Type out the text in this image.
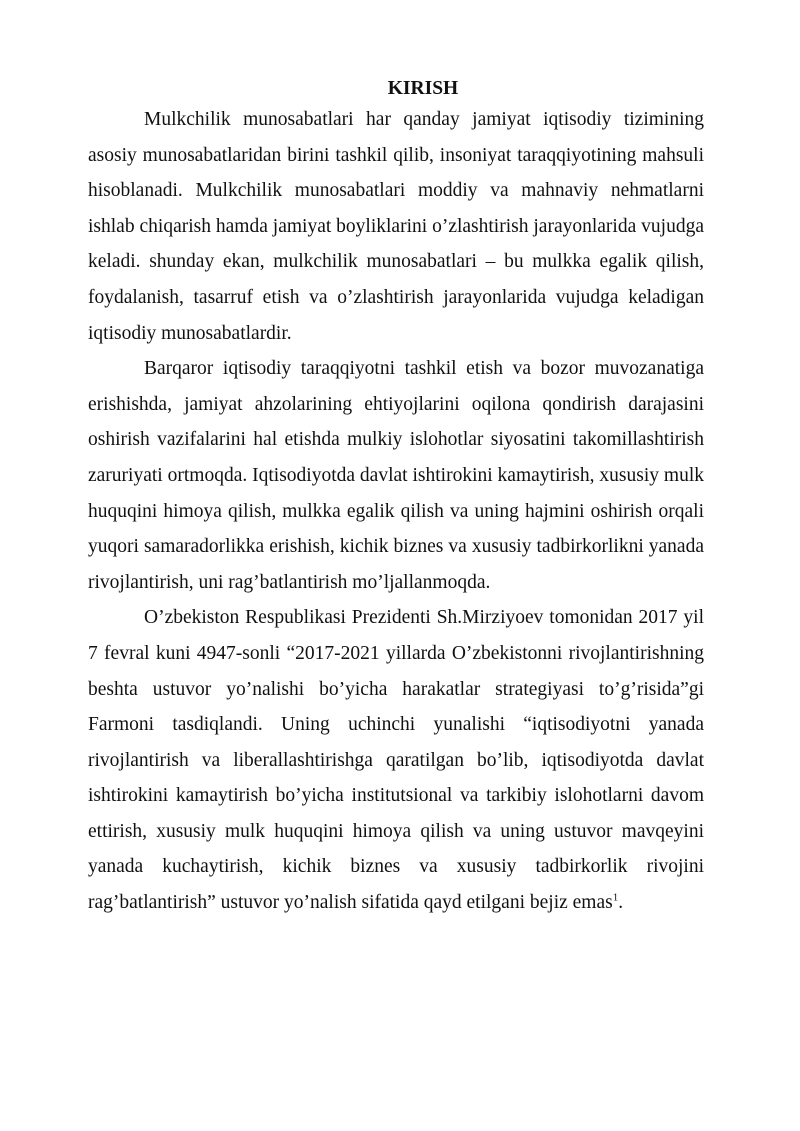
KIRISH

Mulkchilik munosabatlari har qanday jamiyat iqtisodiy tizimining asosiy munosabatlaridan birini tashkil qilib, insoniyat taraqqiyotining mahsuli hisoblanadi. Mulkchilik munosabatlari moddiy va mahnaviy nehmatlarni ishlab chiqarish hamda jamiyat boyliklarini o’zlashtirish jarayonlarida vujudga keladi. shunday ekan, mulkchilik munosabatlari – bu mulkka egalik qilish, foydalanish, tasarruf etish va o’zlashtirish jarayonlarida vujudga keladigan iqtisodiy munosabatlardir.

Barqaror iqtisodiy taraqqiyotni tashkil etish va bozor muvozanatiga erishishda, jamiyat ahzolarining ehtiyojlarini oqilona qondirish darajasini oshirish vazifalarini hal etishda mulkiy islohotlar siyosatini takomillashtirish zaruriyati ortmoqda. Iqtisodiyotda davlat ishtirokini kamaytirish, xususiy mulk huquqini himoya qilish, mulkka egalik qilish va uning hajmini oshirish orqali yuqori samaradorlikka erishish, kichik biznes va xususiy tadbirkorlikni yanada rivojlantirish, uni rag’batlantirish mo’ljallanmoqda.

O’zbekiston Respublikasi Prezidenti Sh.Mirziyoev tomonidan 2017 yil 7 fevral kuni 4947-sonli “2017-2021 yillarda O’zbekistonni rivojlantirishning beshta ustuvor yo’nalishi bo’yicha harakatlar strategiyasi to’g’risida”gi Farmoni tasdiqlandi. Uning uchinchi yunalishi “iqtisodiyotni yanada rivojlantirish va liberallashtirishga qaratilgan bo’lib, iqtisodiyotda davlat ishtirokini kamaytirish bo’yicha institutsional va tarkibiy islohotlarni davom ettirish, xususiy mulk huquqini himoya qilish va uning ustuvor mavqeyini yanada kuchaytirish, kichik biznes va xususiy tadbirkorlik rivojini rag’batlantirish” ustuvor yo’nalish sifatida qayd etilgani bejiz emas$^1$.
